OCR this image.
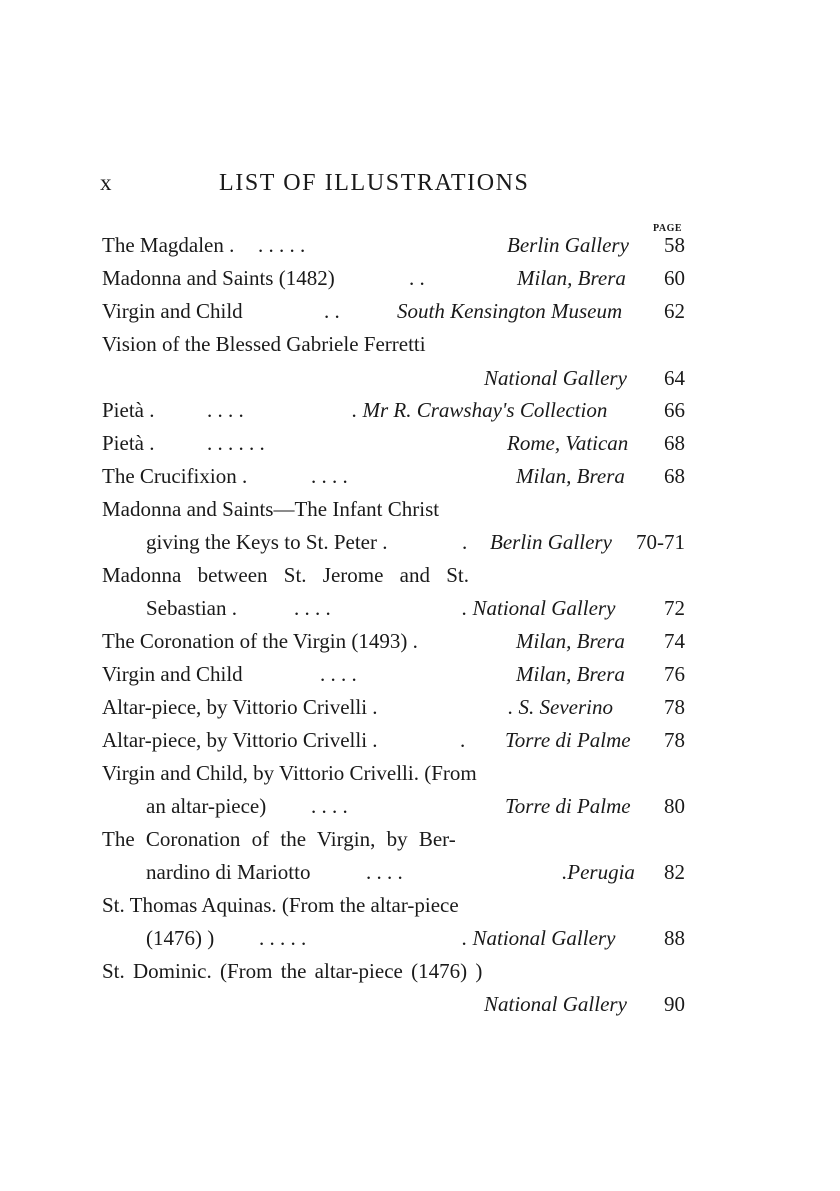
x	LIST OF ILLUSTRATIONS
PAGE
The Magdalen . . . . . .	Berlin Gallery 58
Madonna and Saints (1482)	. .	Milan, Brera 60
Virgin and Child	. .	South Kensington Museum 62
Vision of the Blessed Gabriele Ferretti
National Gallery 64
Pietà .	. . . .	. Mr R. Crawshay's Collection	66
Pietà .	. . . . . .	Rome, Vatican 68
The Crucifixion .	. . . .	Milan, Brera 68
Madonna and Saints—The Infant Christ
giving the Keys to St. Peter .	. Berlin Gallery 70-71
Madonna between St. Jerome and St.
Sebastian .	. . . .	. National Gallery 72
The Coronation of the Virgin (1493) .	Milan, Brera 74
Virgin and Child	. . . .	Milan, Brera 76
Altar-piece, by Vittorio Crivelli .	. S. Severino 78
Altar-piece, by Vittorio Crivelli .	. Torre di Palme 78
Virgin and Child, by Vittorio Crivelli. (From
an altar-piece) . . . .	Torre di Palme 80
The Coronation of the Virgin, by Ber-
nardino di Mariotto	. . . .	.Perugia 82
St. Thomas Aquinas. (From the altar-piece
(1476) ) . . . . .	. National Gallery 88
St. Dominic. (From the altar-piece (1476) )
National Gallery 90
